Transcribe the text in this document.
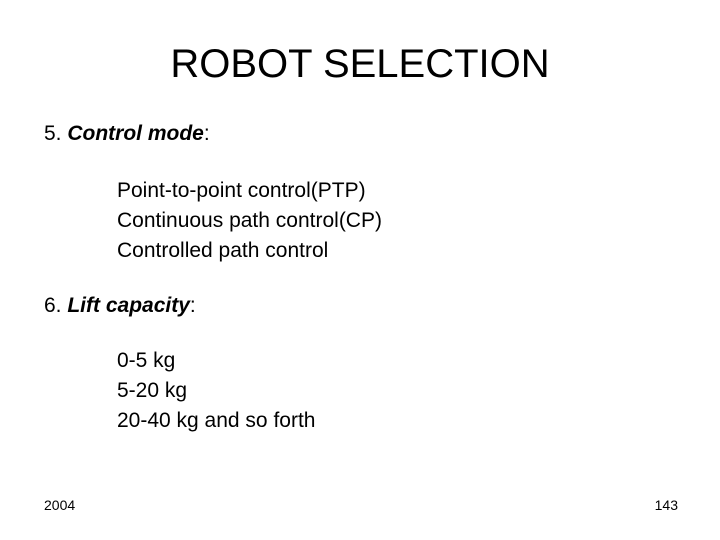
ROBOT SELECTION
5. Control mode:
Point-to-point control(PTP)
Continuous path control(CP)
Controlled path control
6. Lift capacity:
0-5 kg
5-20 kg
20-40 kg and so forth
2004	143
